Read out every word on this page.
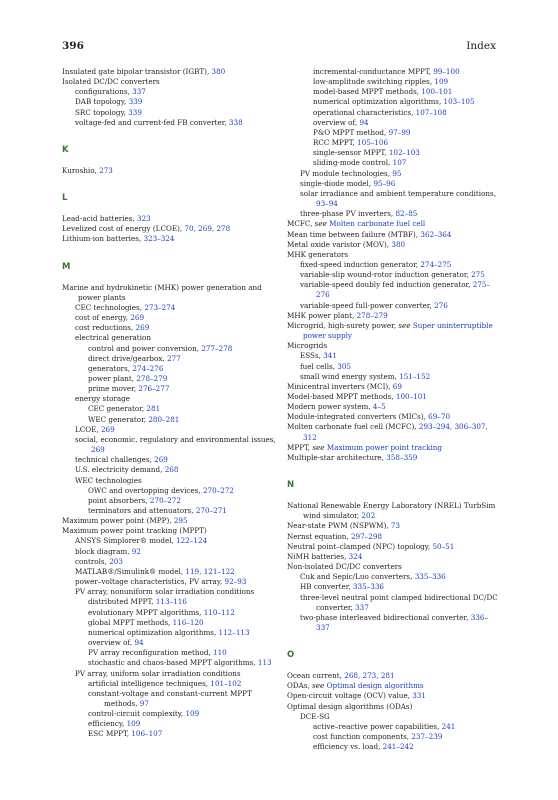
396	Index
Insulated gate bipolar transistor (IGBT), 380
Isolated DC/DC converters
configurations, 337
DAB topology, 339
SRC topology, 339
voltage-fed and current-fed FB converter, 338
K
Kuroshio, 273
L
Lead-acid batteries, 323
Levelized cost of energy (LCOE), 70, 269, 278
Lithium-ion batteries, 323–324
M
Marine and hydrokinetic (MHK) power generation and power plants
CEC technologies, 273–274
cost of energy, 269
cost reductions, 269
electrical generation
control and power conversion, 277–278
direct drive/gearbox, 277
generators, 274–276
power plant, 278–279
prime mover, 276–277
energy storage
CEC generator, 281
WEC generator, 280–281
LCOE, 269
social, economic, regulatory and environmental issues, 269
technical challenges, 269
U.S. electricity demand, 268
WEC technologies
OWC and overtopping devices, 270–272
point absorbers, 270–272
terminators and attenuators, 270–271
Maximum power point (MPP), 295
Maximum power point tracking (MPPT)
ANSYS Simplorer® model, 122–124
block diagram, 92
controls, 203
MATLAB®/Simulink® model, 119, 121–122
power–voltage characteristics, PV array, 92–93
PV array, nonuniform solar irradiation conditions
distributed MPPT, 113–116
evolutionary MPPT algorithms, 110–112
global MPPT methods, 116–120
numerical optimization algorithms, 112–113
overview of, 94
PV array reconfiguration method, 110
stochastic and chaos-based MPPT algorithms, 113
PV array, uniform solar irradiation conditions
artificial intelligence techniques, 101–102
constant-voltage and constant-current MPPT methods, 97
control-circuit complexity, 109
efficiency, 109
ESC MPPT, 106–107
incremental-conductance MPPT, 99–100
low-amplitude switching ripples, 109
model-based MPPT methods, 100–101
numerical optimization algorithms, 103–105
operational characteristics, 107–108
overview of, 94
P&O MPPT method, 97–99
RCC MPPT, 105–106
single-sensor MPPT, 102–103
sliding-mode control, 107
PV module technologies, 95
single-diode model, 95–96
solar irradiance and ambient temperature conditions, 93–94
three-phase PV inverters, 82–85
MCFC, see Molten carbonate fuel cell
Mean time between failure (MTBF), 362–364
Metal oxide varistor (MOV), 380
MHK generators
fixed-speed induction generator, 274–275
variable-slip wound-rotor induction generator, 275
variable-speed doubly fed induction generator, 275–276
variable-speed full-power converter, 276
MHK power plant, 278–279
Microgrid, high-surety power, see Super uninterruptible power supply
Microgrids
ESSs, 341
fuel cells, 305
small wind energy system, 151–152
Minicentral inverters (MCI), 69
Model-based MPPT methods, 100–101
Modern power system, 4–5
Module-integrated converters (MICs), 69–70
Molten carbonate fuel cell (MCFC), 293–294, 306–307, 312
MPPT, see Maximum power point tracking
Multiple-star architecture, 358–359
N
National Renewable Energy Laboratory (NREL) TurbSim wind simulator, 202
Near-state PWM (NSPWM), 73
Nernst equation, 297–298
Neutral point–clamped (NPC) topology, 50–51
NiMH batteries, 324
Non-isolated DC/DC converters
Cuk and Sepic/Luo converters, 335–336
HB converter, 335–336
three-level neutral point clamped bidirectional DC/DC converter, 337
two-phase interleaved bidirectional converter, 336–337
O
Ocean current, 268, 273, 281
ODAs, see Optimal design algorithms
Open-circuit voltage (OCV) value, 331
Optimal design algorithms (ODAs)
DCE-SG
active–reactive power capabilities, 241
cost function components, 237–239
efficiency vs. load, 241–242
